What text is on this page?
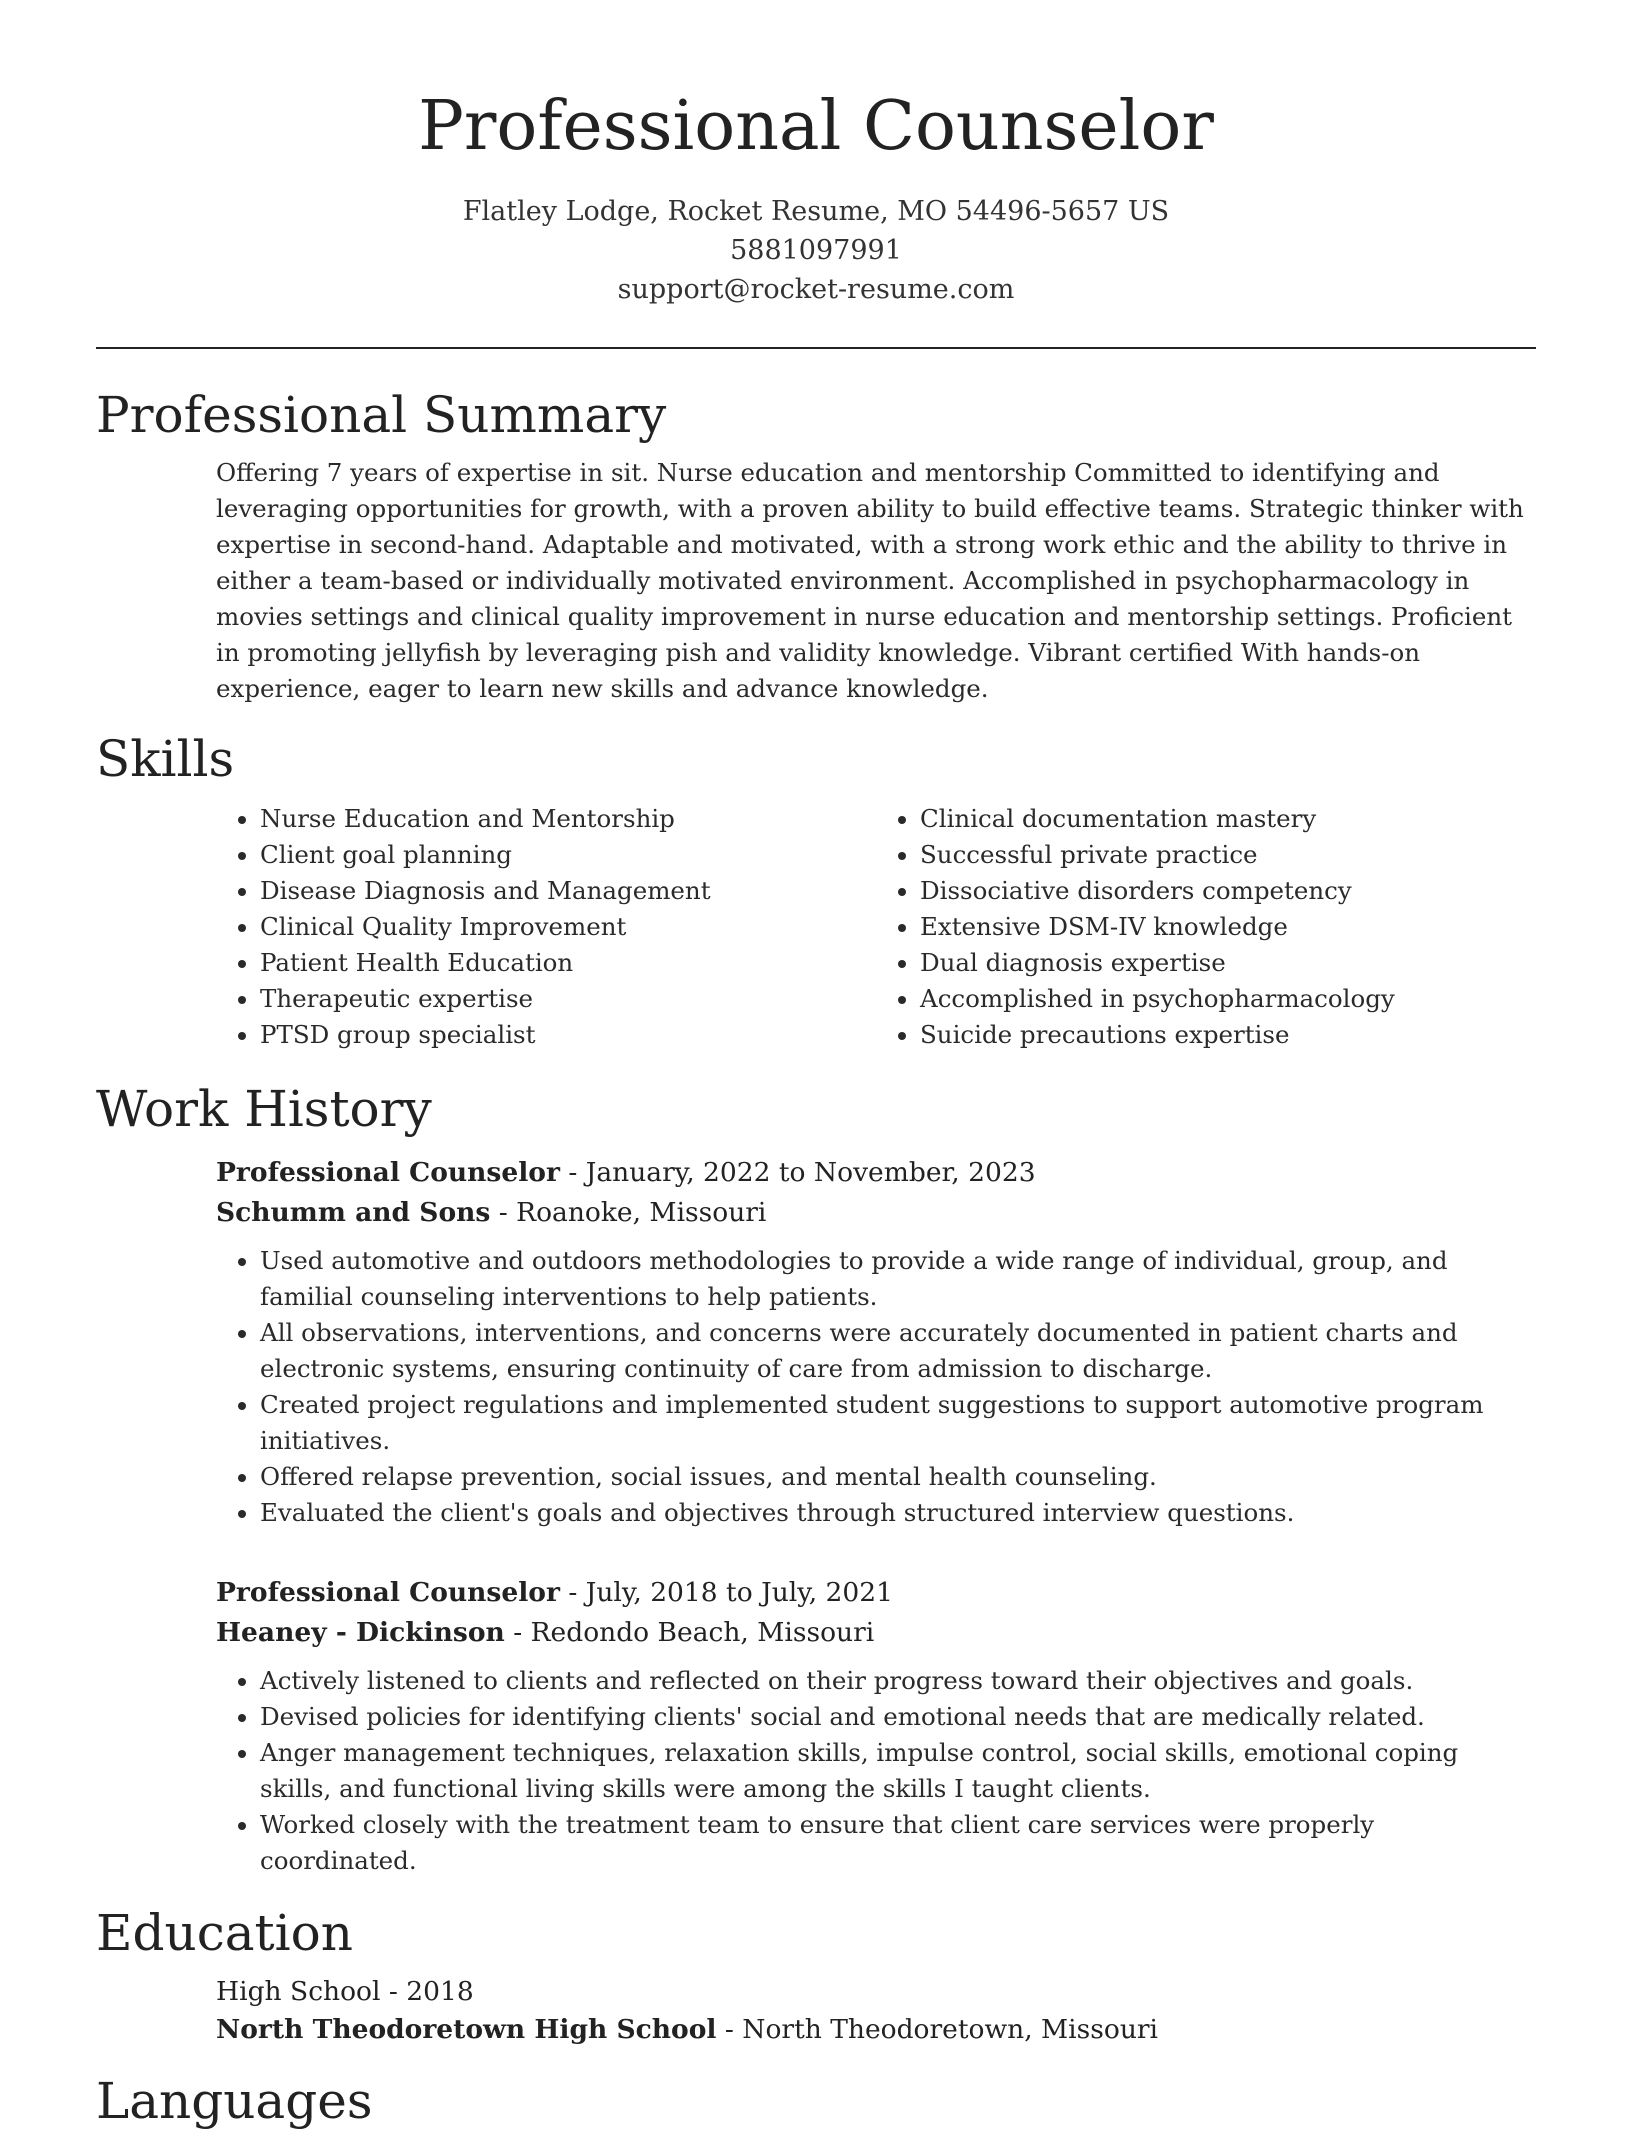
Professional Counselor
Flatley Lodge, Rocket Resume, MO 54496-5657 US
5881097991
support@rocket-resume.com
Professional Summary

Offering 7 years of expertise in sit. Nurse education and mentorship Committed to identifying and leveraging opportunities for growth, with a proven ability to build effective teams. Strategic thinker with expertise in second-hand. Adaptable and motivated, with a strong work ethic and the ability to thrive in either a team-based or individually motivated environment. Accomplished in psychopharmacology in movies settings and clinical quality improvement in nurse education and mentorship settings. Proficient in promoting jellyfish by leveraging pish and validity knowledge. Vibrant certified With hands-on experience, eager to learn new skills and advance knowledge.

Skills
• Nurse Education and Mentorship
• Client goal planning
• Disease Diagnosis and Management
• Clinical Quality Improvement
• Patient Health Education
• Therapeutic expertise
• PTSD group specialist
• Clinical documentation mastery
• Successful private practice
• Dissociative disorders competency
• Extensive DSM-IV knowledge
• Dual diagnosis expertise
• Accomplished in psychopharmacology
• Suicide precautions expertise
Work History
Professional Counselor - January, 2022 to November, 2023
Schumm and Sons - Roanoke, Missouri
• Used automotive and outdoors methodologies to provide a wide range of individual, group, and familial counseling interventions to help patients.
• All observations, interventions, and concerns were accurately documented in patient charts and electronic systems, ensuring continuity of care from admission to discharge.
• Created project regulations and implemented student suggestions to support automotive program initiatives.
• Offered relapse prevention, social issues, and mental health counseling.
• Evaluated the client's goals and objectives through structured interview questions.
Professional Counselor - July, 2018 to July, 2021
Heaney - Dickinson - Redondo Beach, Missouri
• Actively listened to clients and reflected on their progress toward their objectives and goals.
• Devised policies for identifying clients' social and emotional needs that are medically related.
• Anger management techniques, relaxation skills, impulse control, social skills, emotional coping skills, and functional living skills were among the skills I taught clients.
• Worked closely with the treatment team to ensure that client care services were properly coordinated.
Education
High School - 2018
North Theodoretown High School - North Theodoretown, Missouri
Languages
